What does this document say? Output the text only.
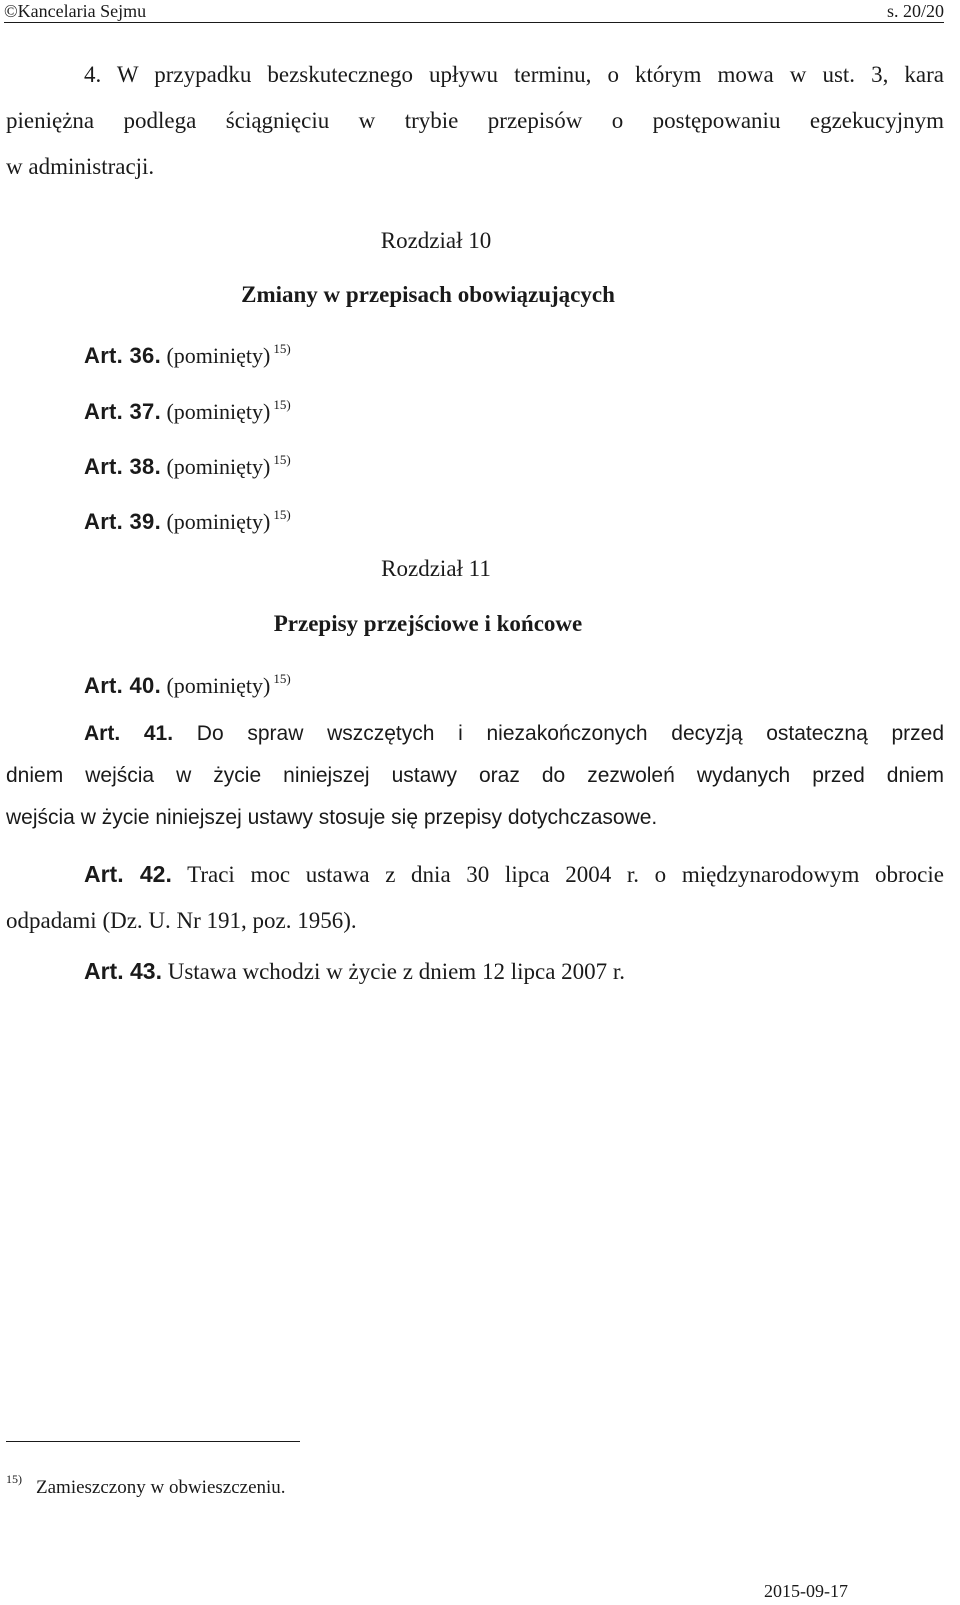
©Kancelaria Sejmu	s. 20/20
4. W przypadku bezskutecznego upływu terminu, o którym mowa w ust. 3, kara
pieniężna podlega ściągnięciu w trybie przepisów o postępowaniu egzekucyjnym
w administracji.
Rozdział 10
Zmiany w przepisach obowiązujących
Art. 36. (pominięty) $^{15)}$
Art. 37. (pominięty) $^{15)}$
Art. 38. (pominięty) $^{15)}$
Art. 39. (pominięty) $^{15)}$
Rozdział 11
Przepisy przejściowe i końcowe
Art. 40. (pominięty) $^{15)}$
Art. 41. Do spraw wszczętych i niezakończonych decyzją ostateczną przed
dniem wejścia w życie niniejszej ustawy oraz do zezwoleń wydanych przed dniem
wejścia w życie niniejszej ustawy stosuje się przepisy dotychczasowe.
Art. 42. Traci moc ustawa z dnia 30 lipca 2004 r. o międzynarodowym obrocie
odpadami (Dz. U. Nr 191, poz. 1956).
Art. 43. Ustawa wchodzi w życie z dniem 12 lipca 2007 r.
$^{15)}$ Zamieszczony w obwieszczeniu.
2015-09-17
